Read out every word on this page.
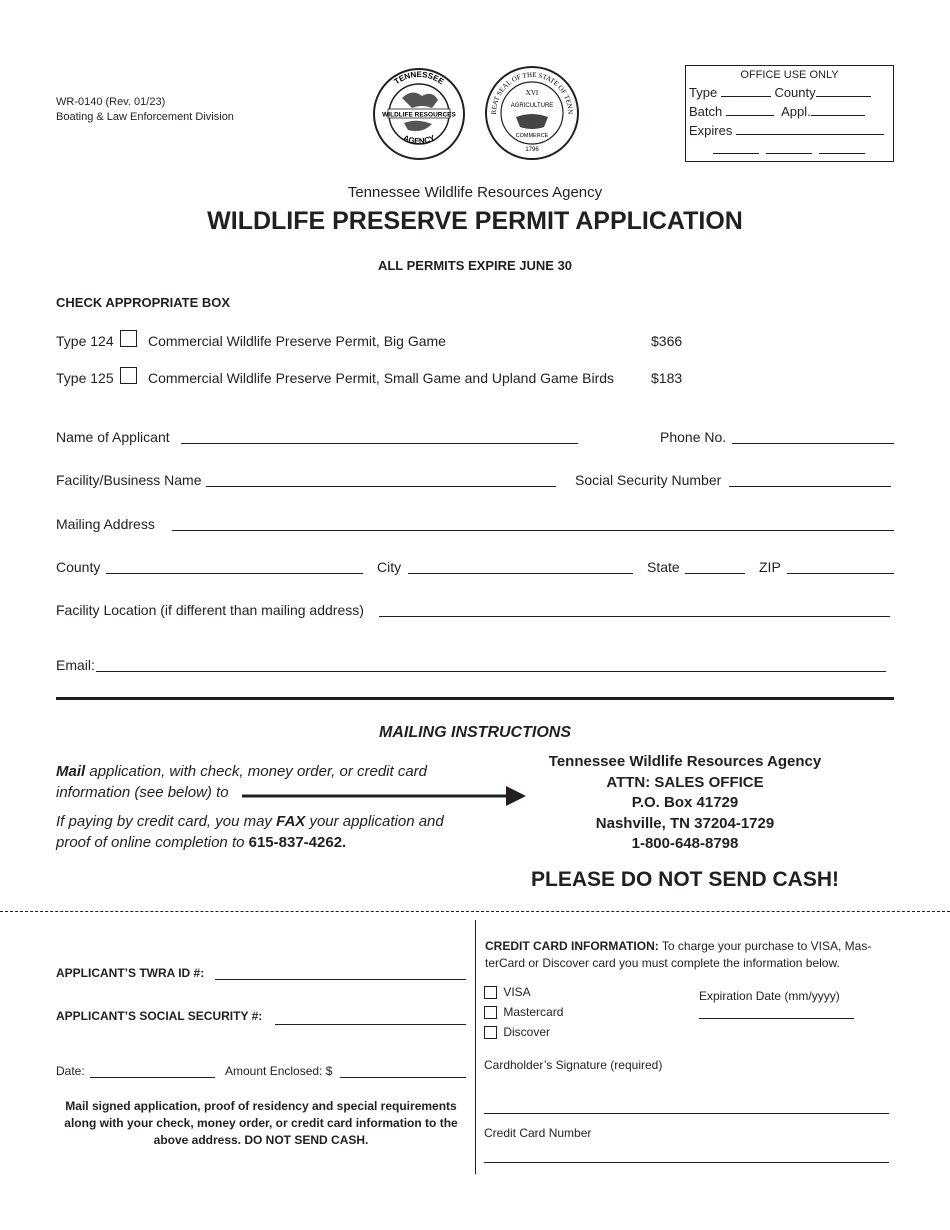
WR-0140 (Rev. 01/23)
Boating & Law Enforcement Division
TENNESSEE
AGENCY
WILDLIFE RESOURCES	REAT SEAL OF THE STATE OF TENN
XVI
AGRICULTURE
COMMERCE
1796
OFFICE USE ONLY
Type	County
Batch	Appl.
Expires

Tennessee Wildlife Resources Agency
WILDLIFE PRESERVE PERMIT APPLICATION
ALL PERMITS EXPIRE JUNE 30
CHECK APPROPRIATE BOX
Type 124 Commercial Wildlife Preserve Permit, Big Game	$366
Type 125 Commercial Wildlife Preserve Permit, Small Game and Upland Game Birds	$183
Name of Applicant	Phone No.
Facility/Business Name	Social Security Number
Mailing Address
County	City	State	ZIP
Facility Location (if different than mailing address)
Email:
MAILING INSTRUCTIONS
Mail application, with check, money order, or credit card
information (see below) to
If paying by credit card, you may FAX your application and
proof of online completion to 615-837-4262.
Tennessee Wildlife Resources Agency
ATTN: SALES OFFICE
P.O. Box 41729
Nashville, TN 37204-1729
1-800-648-8798
PLEASE DO NOT SEND CASH!
APPLICANT’S TWRA ID #:
APPLICANT’S SOCIAL SECURITY #:
Date:	Amount Enclosed: $
Mail signed application, proof of residency and special requirements along with your check, money order, or credit card information to the above address. DO NOT SEND CASH.
CREDIT CARD INFORMATION: To charge your purchase to VISA, Mas-terCard or Discover card you must complete the information below.
VISA
Mastercard
Discover
Expiration Date (mm/yyyy)
Cardholder’s Signature (required)
Credit Card Number
